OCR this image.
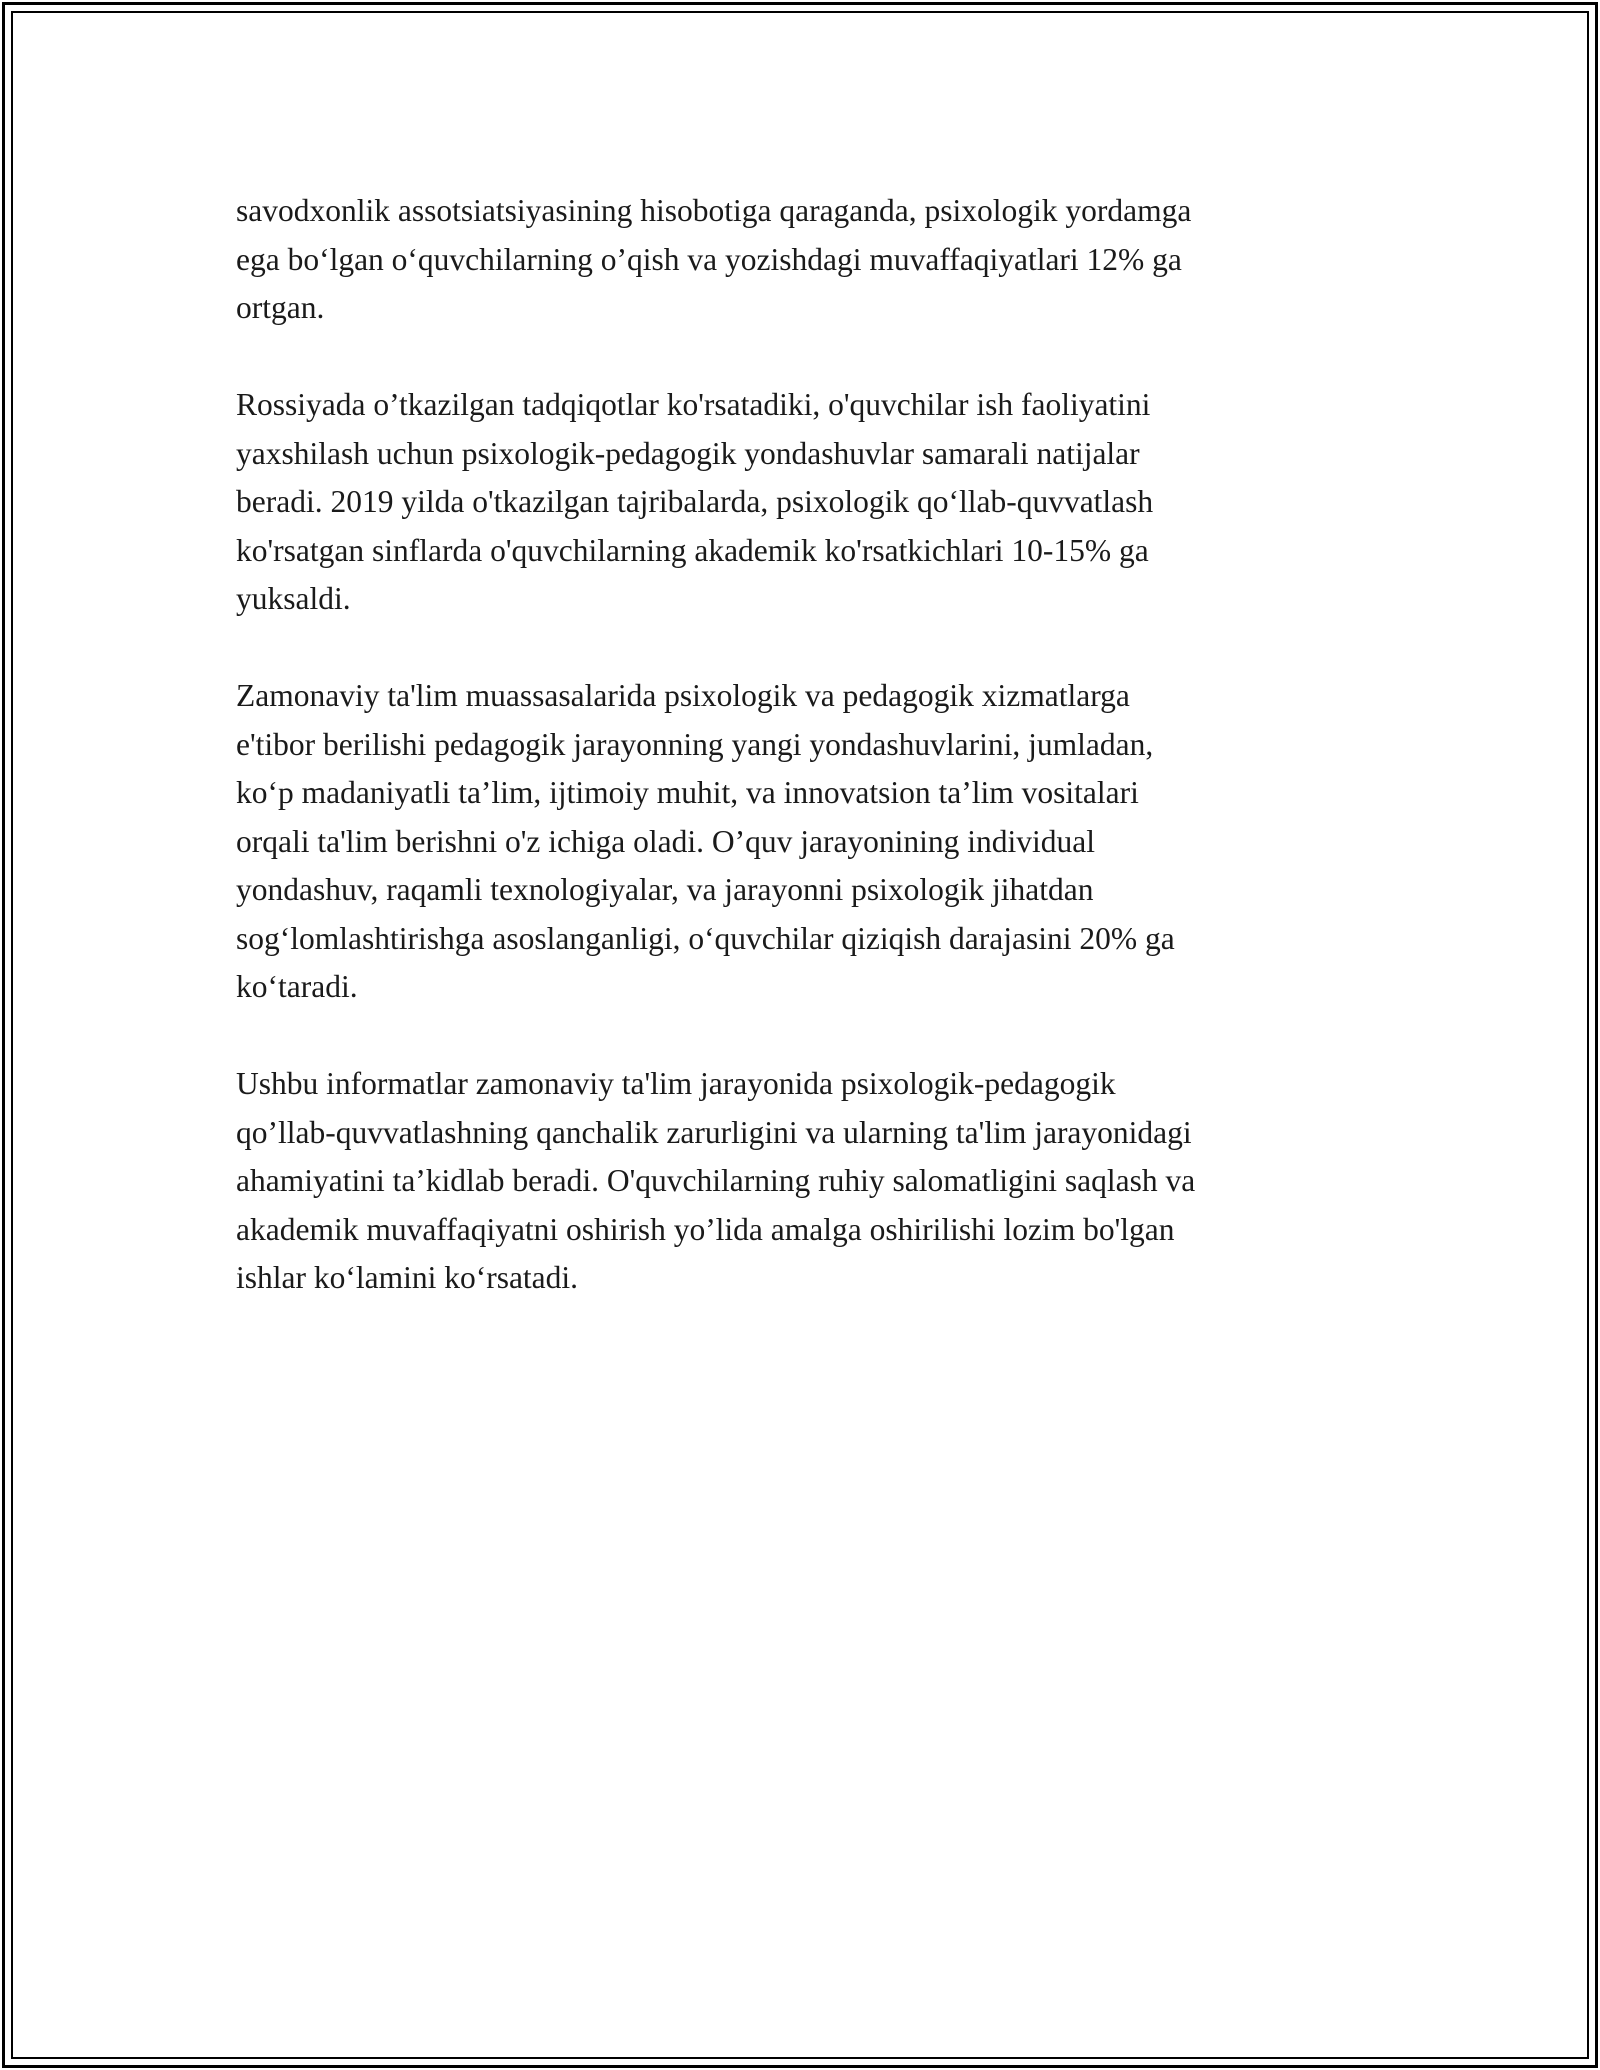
savodxonlik assotsiatsiyasining hisobotiga qaraganda, psixologik yordamga
ega bo‘lgan o‘quvchilarning o’qish va yozishdagi muvaffaqiyatlari 12% ga
ortgan.

Rossiyada o’tkazilgan tadqiqotlar ko'rsatadiki, o'quvchilar ish faoliyatini
yaxshilash uchun psixologik-pedagogik yondashuvlar samarali natijalar
beradi. 2019 yilda o'tkazilgan tajribalarda, psixologik qo‘llab-quvvatlash
ko'rsatgan sinflarda o'quvchilarning akademik ko'rsatkichlari 10-15% ga
yuksaldi.

Zamonaviy ta'lim muassasalarida psixologik va pedagogik xizmatlarga
e'tibor berilishi pedagogik jarayonning yangi yondashuvlarini, jumladan,
ko‘p madaniyatli ta’lim, ijtimoiy muhit, va innovatsion ta’lim vositalari
orqali ta'lim berishni o'z ichiga oladi. O’quv jarayonining individual
yondashuv, raqamli texnologiyalar, va jarayonni psixologik jihatdan
sog‘lomlashtirishga asoslanganligi, o‘quvchilar qiziqish darajasini 20% ga
ko‘taradi.

Ushbu informatlar zamonaviy ta'lim jarayonida psixologik-pedagogik
qo’llab-quvvatlashning qanchalik zarurligini va ularning ta'lim jarayonidagi
ahamiyatini ta’kidlab beradi. O'quvchilarning ruhiy salomatligini saqlash va
akademik muvaffaqiyatni oshirish yo’lida amalga oshirilishi lozim bo'lgan
ishlar ko‘lamini ko‘rsatadi.
